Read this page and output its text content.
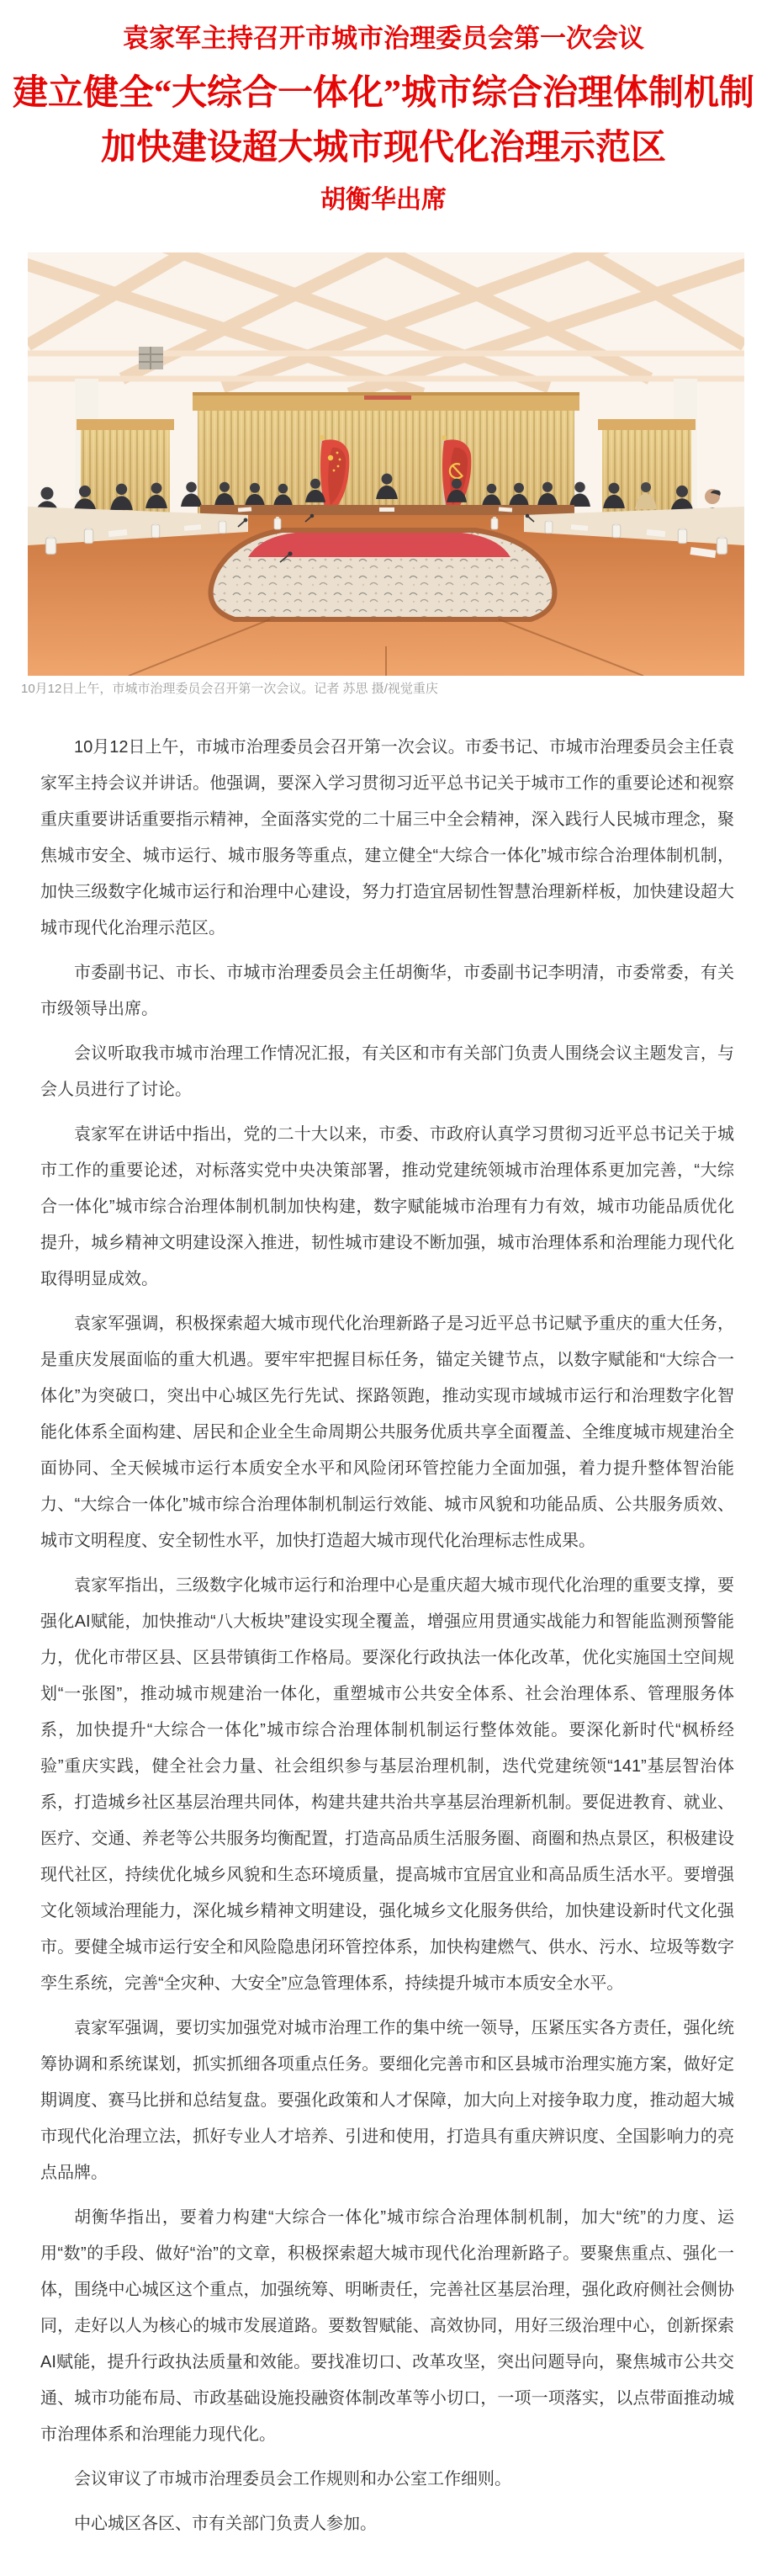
袁家军主持召开市城市治理委员会第一次会议
建立健全“大综合一体化”城市综合治理体制机制
加快建设超大城市现代化治理示范区
胡衡华出席
10月12日上午，市城市治理委员会召开第一次会议。记者 苏思 摄/视觉重庆

10月12日上午，市城市治理委员会召开第一次会议。市委书记、市城市治理委员会主任袁家军主持会议并讲话。他强调，要深入学习贯彻习近平总书记关于城市工作的重要论述和视察重庆重要讲话重要指示精神，全面落实党的二十届三中全会精神，深入践行人民城市理念，聚焦城市安全、城市运行、城市服务等重点，建立健全“大综合一体化”城市综合治理体制机制，加快三级数字化城市运行和治理中心建设，努力打造宜居韧性智慧治理新样板，加快建设超大城市现代化治理示范区。

市委副书记、市长、市城市治理委员会主任胡衡华，市委副书记李明清，市委常委，有关市级领导出席。

会议听取我市城市治理工作情况汇报，有关区和市有关部门负责人围绕会议主题发言，与会人员进行了讨论。

袁家军在讲话中指出，党的二十大以来，市委、市政府认真学习贯彻习近平总书记关于城市工作的重要论述，对标落实党中央决策部署，推动党建统领城市治理体系更加完善，“大综合一体化”城市综合治理体制机制加快构建，数字赋能城市治理有力有效，城市功能品质优化提升，城乡精神文明建设深入推进，韧性城市建设不断加强，城市治理体系和治理能力现代化取得明显成效。

袁家军强调，积极探索超大城市现代化治理新路子是习近平总书记赋予重庆的重大任务，是重庆发展面临的重大机遇。要牢牢把握目标任务，锚定关键节点，以数字赋能和“大综合一体化”为突破口，突出中心城区先行先试、探路领跑，推动实现市域城市运行和治理数字化智能化体系全面构建、居民和企业全生命周期公共服务优质共享全面覆盖、全维度城市规建治全面协同、全天候城市运行本质安全水平和风险闭环管控能力全面加强，着力提升整体智治能力、“大综合一体化”城市综合治理体制机制运行效能、城市风貌和功能品质、公共服务质效、城市文明程度、安全韧性水平，加快打造超大城市现代化治理标志性成果。

袁家军指出，三级数字化城市运行和治理中心是重庆超大城市现代化治理的重要支撑，要强化AI赋能，加快推动“八大板块”建设实现全覆盖，增强应用贯通实战能力和智能监测预警能力，优化市带区县、区县带镇街工作格局。要深化行政执法一体化改革，优化实施国土空间规划“一张图”，推动城市规建治一体化，重塑城市公共安全体系、社会治理体系、管理服务体系，加快提升“大综合一体化”城市综合治理体制机制运行整体效能。要深化新时代“枫桥经验”重庆实践，健全社会力量、社会组织参与基层治理机制，迭代党建统领“141”基层智治体系，打造城乡社区基层治理共同体，构建共建共治共享基层治理新机制。要促进教育、就业、医疗、交通、养老等公共服务均衡配置，打造高品质生活服务圈、商圈和热点景区，积极建设现代社区，持续优化城乡风貌和生态环境质量，提高城市宜居宜业和高品质生活水平。要增强文化领域治理能力，深化城乡精神文明建设，强化城乡文化服务供给，加快建设新时代文化强市。要健全城市运行安全和风险隐患闭环管控体系，加快构建燃气、供水、污水、垃圾等数字孪生系统，完善“全灾种、大安全”应急管理体系，持续提升城市本质安全水平。

袁家军强调，要切实加强党对城市治理工作的集中统一领导，压紧压实各方责任，强化统筹协调和系统谋划，抓实抓细各项重点任务。要细化完善市和区县城市治理实施方案，做好定期调度、赛马比拼和总结复盘。要强化政策和人才保障，加大向上对接争取力度，推动超大城市现代化治理立法，抓好专业人才培养、引进和使用，打造具有重庆辨识度、全国影响力的亮点品牌。

胡衡华指出，要着力构建“大综合一体化”城市综合治理体制机制，加大“统”的力度、运用“数”的手段、做好“治”的文章，积极探索超大城市现代化治理新路子。要聚焦重点、强化一体，围绕中心城区这个重点，加强统筹、明晰责任，完善社区基层治理，强化政府侧社会侧协同，走好以人为核心的城市发展道路。要数智赋能、高效协同，用好三级治理中心，创新探索AI赋能，提升行政执法质量和效能。要找准切口、改革攻坚，突出问题导向，聚焦城市公共交通、城市功能布局、市政基础设施投融资体制改革等小切口，一项一项落实，以点带面推动城市治理体系和治理能力现代化。

会议审议了市城市治理委员会工作规则和办公室工作细则。

中心城区各区、市有关部门负责人参加。
